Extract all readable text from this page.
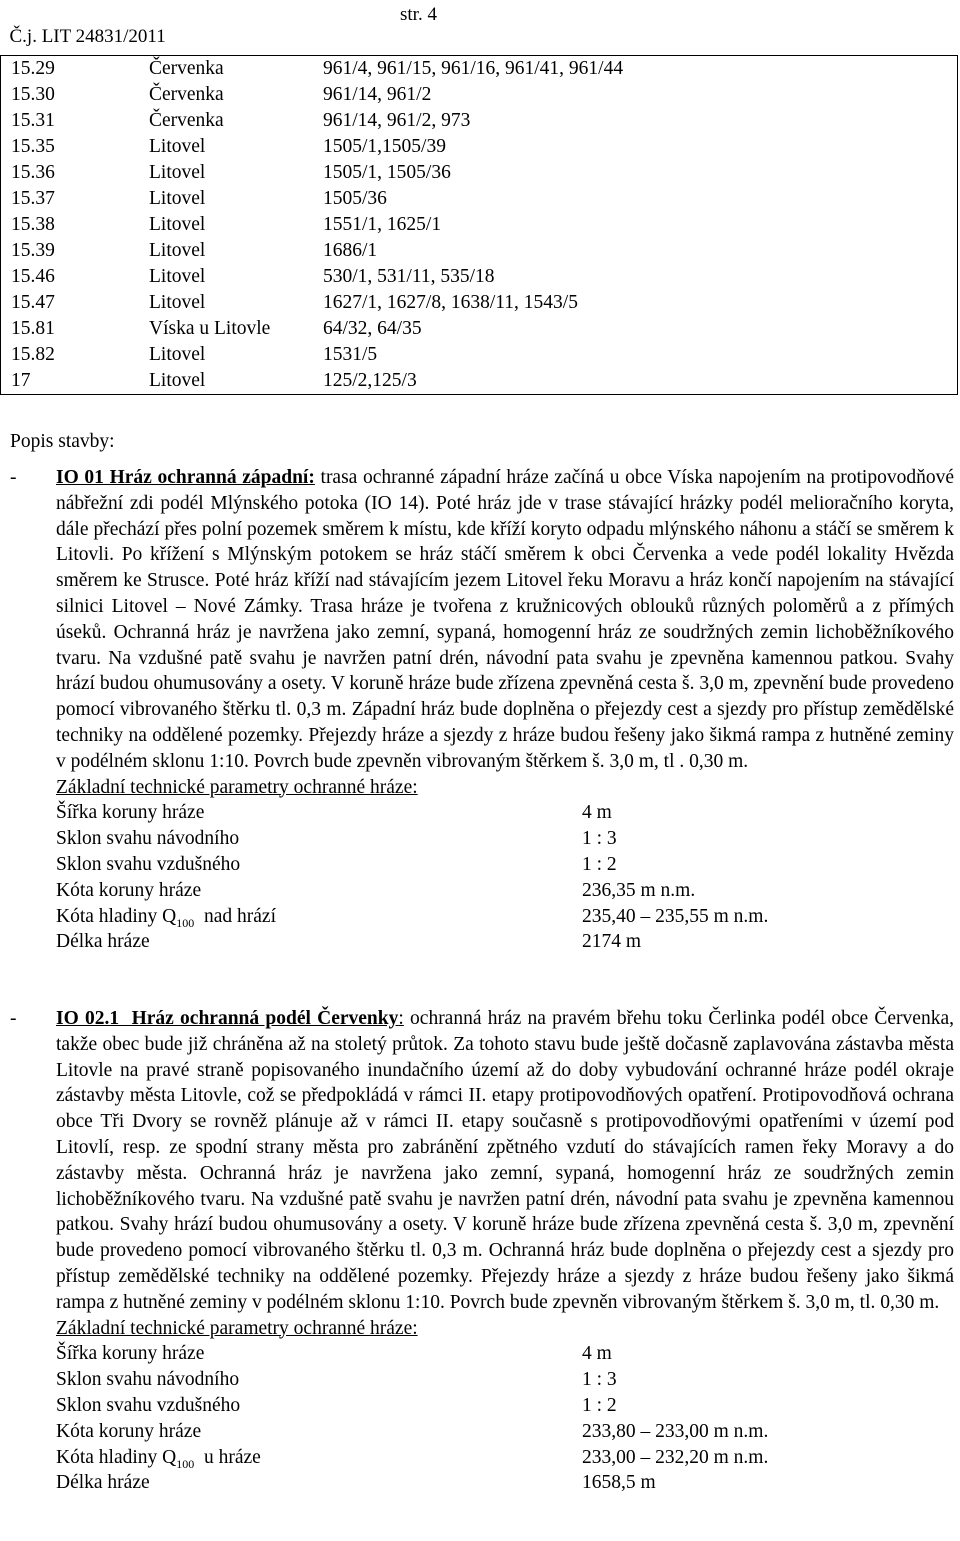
Č.j. LIT 24831/2011

str. 4

15.29	Červenka	961/4, 961/15, 961/16, 961/41, 961/44
15.30	Červenka	961/14, 961/2
15.31	Červenka	961/14, 961/2, 973
15.35	Litovel	1505/1,1505/39
15.36	Litovel	1505/1, 1505/36
15.37	Litovel	1505/36
15.38	Litovel	1551/1, 1625/1
15.39	Litovel	1686/1
15.46	Litovel	530/1, 531/11, 535/18
15.47	Litovel	1627/1, 1627/8, 1638/11, 1543/5
15.81	Víska u Litovle	64/32, 64/35
15.82	Litovel	1531/5
17	Litovel	125/2,125/3
Popis stavby:
- IO 01 Hráz ochranná západní: trasa ochranné západní hráze začíná u obce Víska napojením na protipovodňové nábřežní zdi podél Mlýnského potoka (IO 14). Poté hráz jde v trase stávající hrázky podél melioračního koryta, dále přechází přes polní pozemek směrem k místu, kde kříží koryto odpadu mlýnského náhonu a stáčí se směrem k Litovli. Po křížení s Mlýnským potokem se hráz stáčí směrem k obci Červenka a vede podél lokality Hvězda směrem ke Strusce. Poté hráz kříží nad stávajícím jezem Litovel řeku Moravu a hráz končí napojením na stávající silnici Litovel – Nové Zámky. Trasa hráze je tvořena z kružnicových oblouků různých poloměrů a z přímých úseků. Ochranná hráz je navržena jako zemní, sypaná, homogenní hráz ze soudržných zemin lichoběžníkového tvaru. Na vzdušné patě svahu je navržen patní drén, návodní pata svahu je zpevněna kamennou patkou. Svahy hrází budou ohumusovány a osety. V koruně hráze bude zřízena zpevněná cesta š. 3,0 m, zpevnění bude provedeno pomocí vibrovaného štěrku tl. 0,3 m. Západní hráz bude doplněna o přejezdy cest a sjezdy pro přístup zemědělské techniky na oddělené pozemky. Přejezdy hráze a sjezdy z hráze budou řešeny jako šikmá rampa z hutněné zeminy v podélném sklonu 1:10. Povrch bude zpevněn vibrovaným štěrkem š. 3,0 m, tl . 0,30 m.
Základní technické parametry ochranné hráze:
Šířka koruny hráze	4 m
Sklon svahu návodního	1 : 3
Sklon svahu vzdušného	1 : 2
Kóta koruny hráze	236,35 m n.m.
Kóta hladiny $Q_{100}$  nad hrází	235,40 – 235,55 m n.m.
Délka hráze	2174 m
- IO 02.1  Hráz ochranná podél Červenky: ochranná hráz na pravém břehu toku Čerlinka podél obce Červenka, takže obec bude již chráněna až na stoletý průtok. Za tohoto stavu bude ještě dočasně zaplavována zástavba města Litovle na pravé straně popisovaného inundačního území až do doby vybudování ochranné hráze podél okraje zástavby města Litovle, což se předpokládá v rámci II. etapy protipovodňových opatření. Protipovodňová ochrana obce Tři Dvory se rovněž plánuje až v rámci II. etapy současně s protipovodňovými opatřeními v území pod Litovlí, resp. ze spodní strany města pro zabránění zpětného vzdutí do stávajících ramen řeky Moravy a do zástavby města. Ochranná hráz je navržena jako zemní, sypaná, homogenní hráz ze soudržných zemin lichoběžníkového tvaru. Na vzdušné patě svahu je navržen patní drén, návodní pata svahu je zpevněna kamennou patkou. Svahy hrází budou ohumusovány a osety. V koruně hráze bude zřízena zpevněná cesta š. 3,0 m, zpevnění bude provedeno pomocí vibrovaného štěrku tl. 0,3 m. Ochranná hráz bude doplněna o přejezdy cest a sjezdy pro přístup zemědělské techniky na oddělené pozemky. Přejezdy hráze a sjezdy z hráze budou řešeny jako šikmá rampa z hutněné zeminy v podélném sklonu 1:10. Povrch bude zpevněn vibrovaným štěrkem š. 3,0 m, tl. 0,30 m.
Základní technické parametry ochranné hráze:
Šířka koruny hráze	4 m
Sklon svahu návodního	1 : 3
Sklon svahu vzdušného	1 : 2
Kóta koruny hráze	233,80 – 233,00 m n.m.
Kóta hladiny $Q_{100}$  u hráze	233,00 – 232,20 m n.m.
Délka hráze	1658,5 m
